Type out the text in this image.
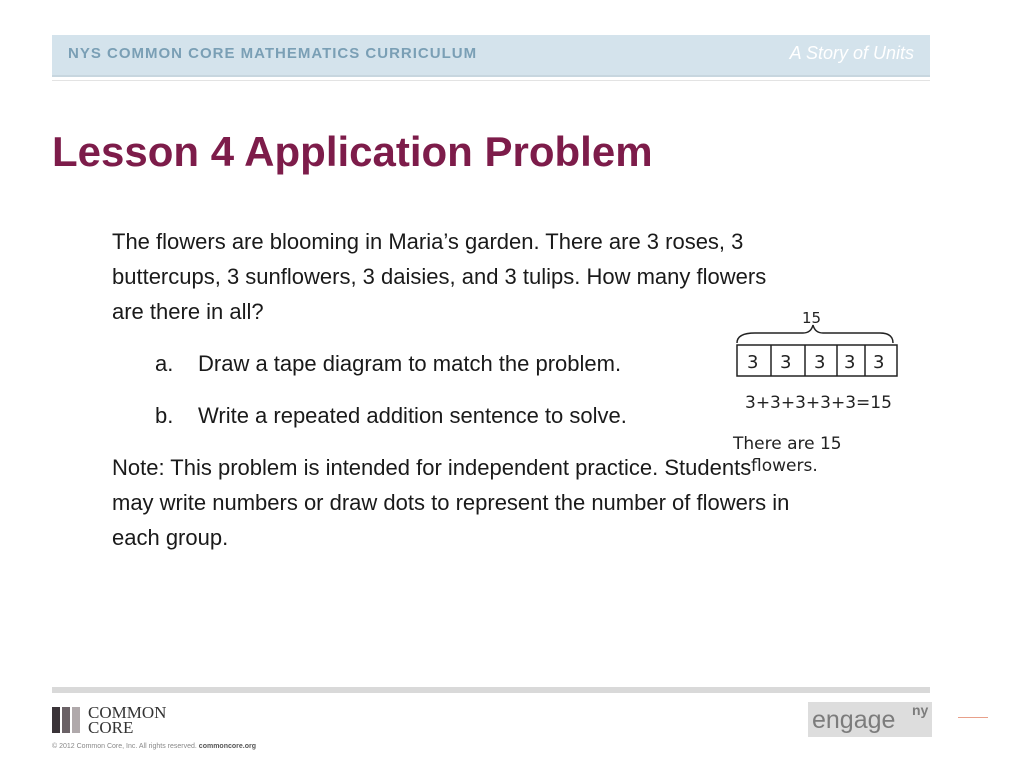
NYS COMMON CORE MATHEMATICS CURRICULUM	A Story of Units
Lesson 4 Application Problem

The flowers are blooming in Maria’s garden. There are 3 roses, 3 buttercups, 3 sunflowers, 3 daisies, and 3 tulips. How many flowers are there in all?

a.	Draw a tape diagram to match the problem.
b.	Write a repeated addition sentence to solve.

Note: This problem is intended for independent practice. Students may write numbers or draw dots to represent the number of flowers in each group.

15
3 3 3 3 3
3+3+3+3+3=15
There are 15
flowers.
COMMON
CORE
© 2012 Common Core, Inc. All rights reserved. commoncore.org
engage ny
